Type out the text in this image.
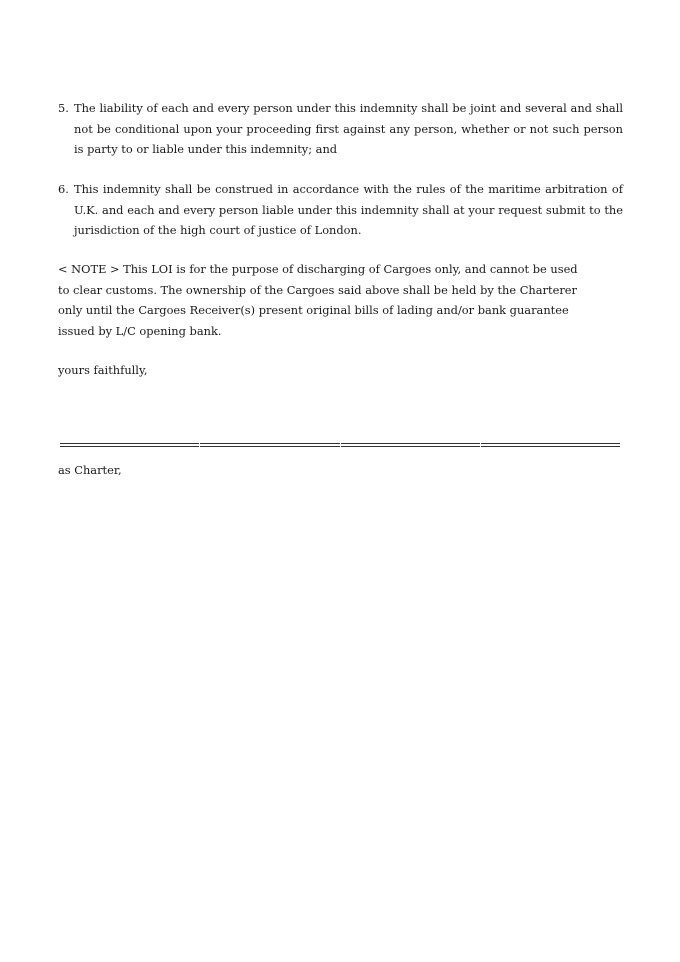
5. The liability of each and every person under this indemnity shall be joint and several and shall not be conditional upon your proceeding first against any person, whether or not such person is party to or liable under this indemnity; and
6. This indemnity shall be construed in accordance with the rules of the maritime arbitration of U.K. and each and every person liable under this indemnity shall at your request submit to the jurisdiction of the high court of justice of London.
< NOTE > This LOI is for the purpose of discharging of Cargoes only, and cannot be used to clear customs. The ownership of the Cargoes said above shall be held by the Charterer only until the Cargoes Receiver(s) present original bills of lading and/or bank guarantee issued by L/C opening bank.
yours faithfully,
as Charter,
